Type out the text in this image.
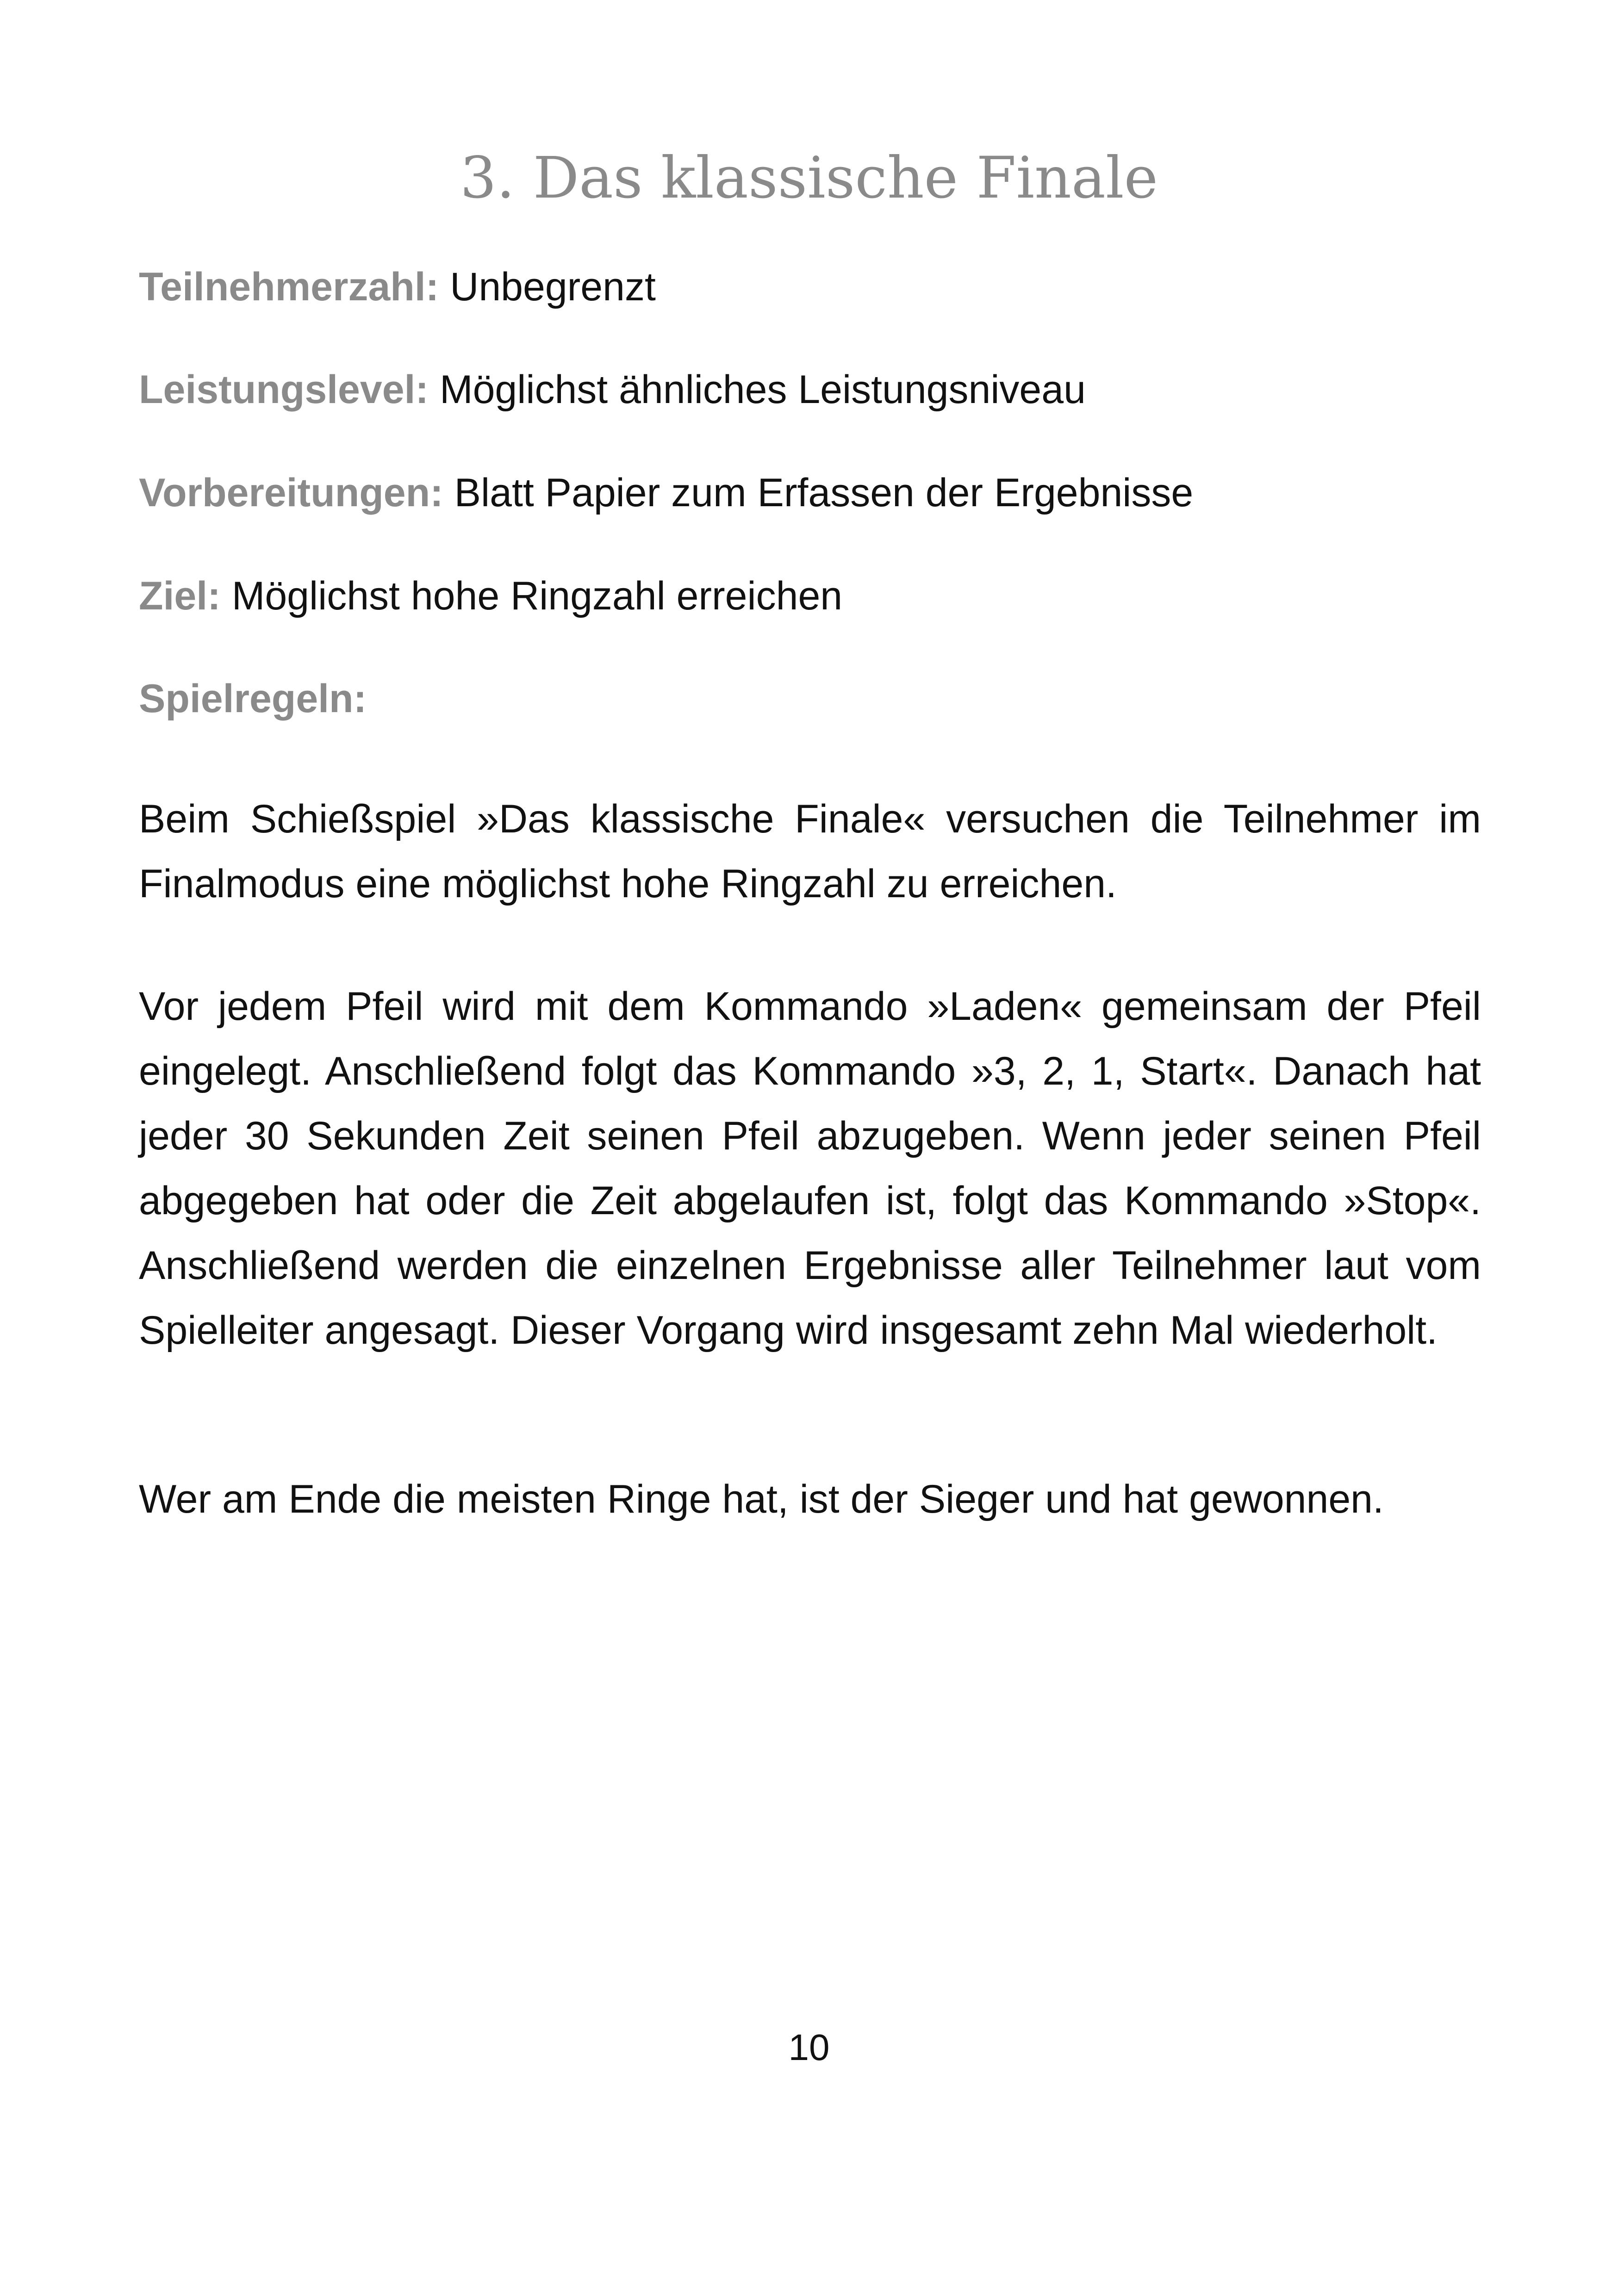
3. Das klassische Finale

Teilnehmerzahl: Unbegrenzt

Leistungslevel: Möglichst ähnliches Leistungsniveau

Vorbereitungen: Blatt Papier zum Erfassen der Ergebnisse

Ziel: Möglichst hohe Ringzahl erreichen

Spielregeln:

Beim Schießspiel »Das klassische Finale« versuchen die Teilnehmer im Finalmodus eine möglichst hohe Ringzahl zu erreichen.

Vor jedem Pfeil wird mit dem Kommando »Laden« gemeinsam der Pfeil eingelegt. Anschließend folgt das Kommando »3, 2, 1, Start«. Danach hat jeder 30 Sekunden Zeit seinen Pfeil abzugeben. Wenn jeder seinen Pfeil abgegeben hat oder die Zeit abgelaufen ist, folgt das Kommando »Stop«. Anschließend werden die einzelnen Ergebnisse aller Teilnehmer laut vom Spielleiter angesagt. Dieser Vorgang wird insgesamt zehn Mal wiederholt.

Wer am Ende die meisten Ringe hat, ist der Sieger und hat gewonnen.

10
